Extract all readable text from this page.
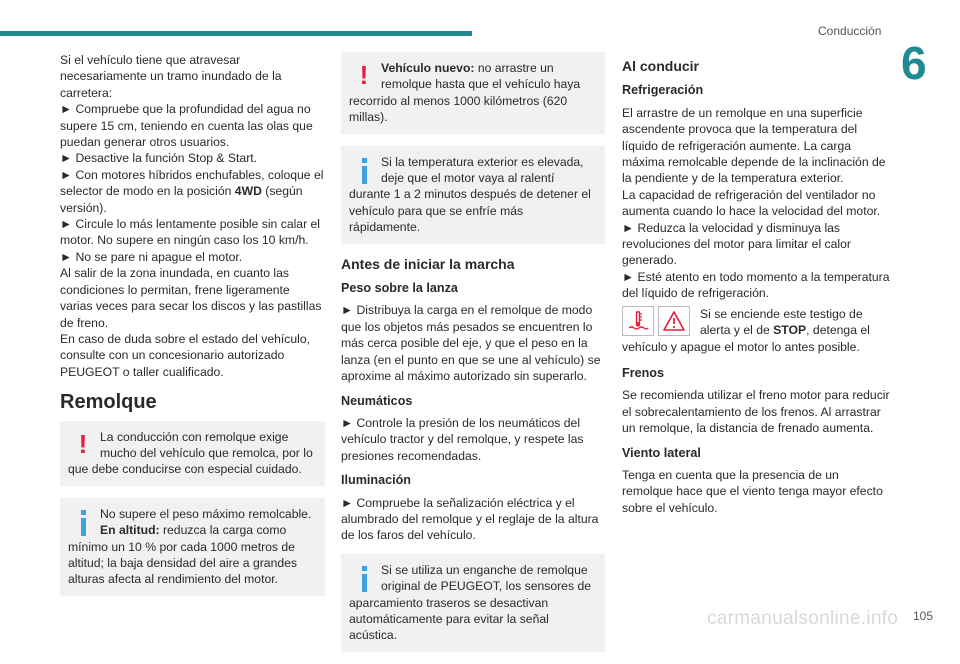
Conducción
6
105
carmanualsonline.info

Si el vehículo tiene que atravesar necesariamente un tramo inundado de la carretera:

► Compruebe que la profundidad del agua no supere 15 cm, teniendo en cuenta las olas que puedan generar otros usuarios.

► Desactive la función Stop & Start.

► Con motores híbridos enchufables, coloque el selector de modo en la posición 4WD (según versión).

► Circule lo más lentamente posible sin calar el motor. No supere en ningún caso los 10 km/h.

► No se pare ni apague el motor.

Al salir de la zona inundada, en cuanto las condiciones lo permitan, frene ligeramente varias veces para secar los discos y las pastillas de freno.

En caso de duda sobre el estado del vehículo, consulte con un concesionario autorizado PEUGEOT o taller cualificado.

Remolque
!	La conducción con remolque exige mucho del vehículo que remolca, por lo que debe conducirse con especial cuidado.
No supere el peso máximo remolcable.
En altitud: reduzca la carga como mínimo un 10 % por cada 1000 metros de altitud; la baja densidad del aire a grandes alturas afecta al rendimiento del motor.
!	Vehículo nuevo: no arrastre un remolque hasta que el vehículo haya recorrido al menos 1000 kilómetros (620 millas).
Si la temperatura exterior es elevada, deje que el motor vaya al ralentí durante 1 a 2 minutos después de detener el vehículo para que se enfríe más rápidamente.
Antes de iniciar la marcha
Peso sobre la lanza

► Distribuya la carga en el remolque de modo que los objetos más pesados se encuentren lo más cerca posible del eje, y que el peso en la lanza (en el punto en que se une al vehículo) se aproxime al máximo autorizado sin superarlo.

Neumáticos

► Controle la presión de los neumáticos del vehículo tractor y del remolque, y respete las presiones recomendadas.

Iluminación

► Compruebe la señalización eléctrica y el alumbrado del remolque y el reglaje de la altura de los faros del vehículo.

Si se utiliza un enganche de remolque original de PEUGEOT, los sensores de aparcamiento traseros se desactivan automáticamente para evitar la señal acústica.
Al conducir
Refrigeración

El arrastre de un remolque en una superficie ascendente provoca que la temperatura del líquido de refrigeración aumente. La carga máxima remolcable depende de la inclinación de la pendiente y de la temperatura exterior.

La capacidad de refrigeración del ventilador no aumenta cuando lo hace la velocidad del motor.

► Reduzca la velocidad y disminuya las revoluciones del motor para limitar el calor generado.

► Esté atento en todo momento a la temperatura del líquido de refrigeración.

Si se enciende este testigo de alerta y el de STOP, detenga el vehículo y apague el motor lo antes posible.
Frenos

Se recomienda utilizar el freno motor para reducir el sobrecalentamiento de los frenos. Al arrastrar un remolque, la distancia de frenado aumenta.

Viento lateral

Tenga en cuenta que la presencia de un remolque hace que el viento tenga mayor efecto sobre el vehículo.
